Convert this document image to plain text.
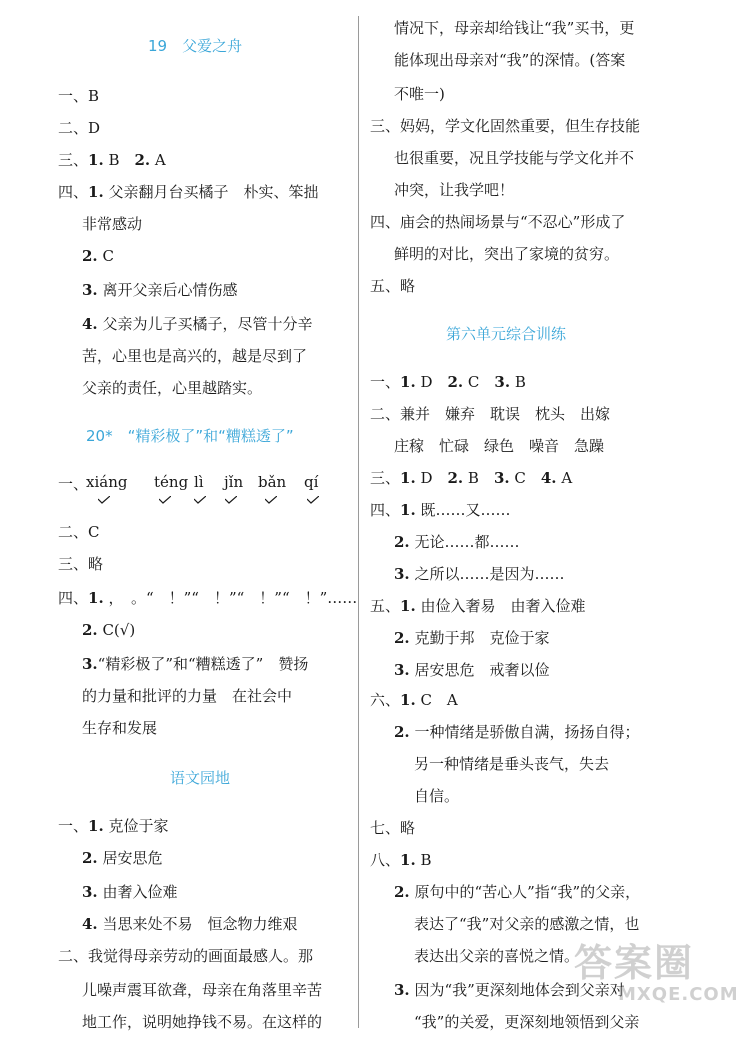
19　父爱之舟
一、B
二、D
三、1. B　2. A
四、1. 父亲翻月台买橘子　朴实、笨拙
非常感动
2. C
3. 离开父亲后心情伤感
4. 父亲为儿子买橘子，尽管十分辛
苦，心里也是高兴的，越是尽到了
父亲的责任，心里越踏实。
20*　“精彩极了”和“糟糕透了”
一、
xiáng téng lì jǐn bǎn qí
二、C
三、略
四、1. ，　。“　！”“　！”“　！”“　！”……
2. C(√)
3.“精彩极了”和“糟糕透了”　赞扬
的力量和批评的力量　在社会中
生存和发展
语文园地
一、1. 克俭于家
2. 居安思危
3. 由奢入俭难
4. 当思来处不易　恒念物力维艰
二、我觉得母亲劳动的画面最感人。那
儿噪声震耳欲聋，母亲在角落里辛苦
地工作，说明她挣钱不易。在这样的
情况下，母亲却给钱让“我”买书，更
能体现出母亲对“我”的深情。(答案
不唯一)
三、妈妈，学文化固然重要，但生存技能
也很重要，况且学技能与学文化并不
冲突，让我学吧！
四、庙会的热闹场景与“不忍心”形成了
鲜明的对比，突出了家境的贫穷。
五、略
第六单元综合训练
一、1. D　2. C　3. B
二、兼并　嫌弃　耽误　枕头　出嫁
庄稼　忙碌　绿色　噪音　急躁
三、1. D　2. B　3. C　4. A
四、1. 既……又……
2. 无论……都……
3. 之所以……是因为……
五、1. 由俭入奢易　由奢入俭难
2. 克勤于邦　克俭于家
3. 居安思危　戒奢以俭
六、1. C　A
2. 一种情绪是骄傲自满，扬扬自得；
另一种情绪是垂头丧气，失去
自信。
七、略
八、1. B
2. 原句中的“苦心人”指“我”的父亲，
表达了“我”对父亲的感激之情，也
表达出父亲的喜悦之情。
3. 因为“我”更深刻地体会到父亲对
“我”的关爱，更深刻地领悟到父亲
答案圈
MXQE.COM
